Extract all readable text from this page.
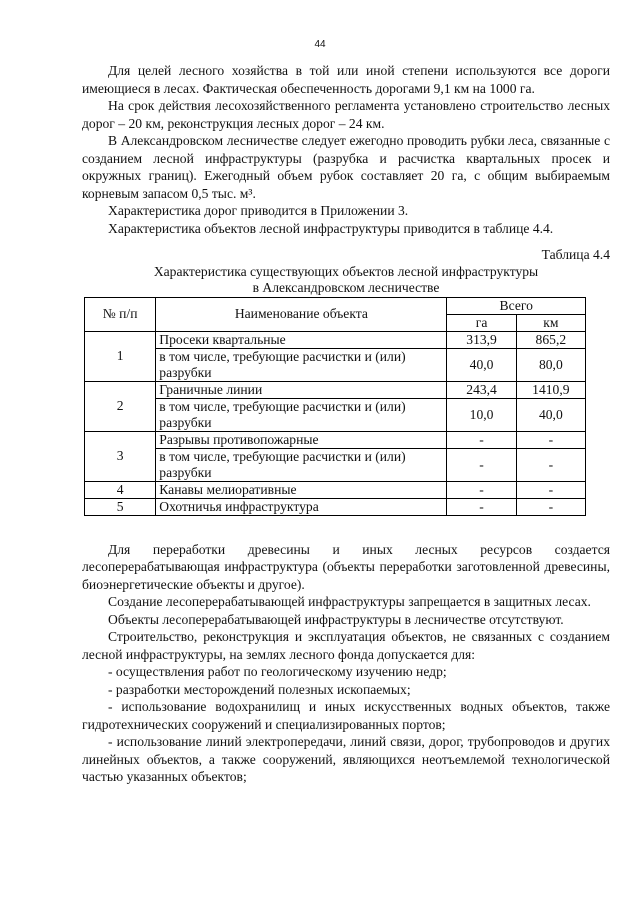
44

Для целей лесного хозяйства в той или иной степени используются все дороги имеющиеся в лесах. Фактическая обеспеченность дорогами 9,1 км на 1000 га.

На срок действия лесохозяйственного регламента установлено строительство лесных дорог – 20 км, реконструкция лесных дорог – 24 км.

В Александровском лесничестве следует ежегодно проводить рубки леса, связанные с созданием лесной инфраструктуры (разрубка и расчистка квартальных просек и окружных границ). Ежегодный объем рубок составляет 20 га, с общим выбираемым корневым запасом 0,5 тыс. м³.

Характеристика дорог приводится в Приложении 3.

Характеристика объектов лесной инфраструктуры приводится в таблице 4.4.

Таблица 4.4
Характеристика существующих объектов лесной инфраструктуры
в Александровском лесничестве
№ п/п	Наименование объекта	Всего	
		га	км
1	Просеки квартальные	313,9	865,2
	в том числе, требующие расчистки и (или) разрубки	40,0	80,0
2	Граничные линии	243,4	1410,9
	в том числе, требующие расчистки и (или) разрубки	10,0	40,0
3	Разрывы противопожарные	-	-
	в том числе, требующие расчистки и (или) разрубки	-	-
4	Канавы мелиоративные	-	-
5	Охотничья инфраструктура	-	-

Для переработки древесины и иных лесных ресурсов создается лесоперерабатывающая инфраструктура (объекты переработки заготовленной древесины, биоэнергетические объекты и другое).

Создание лесоперерабатывающей инфраструктуры запрещается в защитных лесах.

Объекты лесоперерабатывающей инфраструктуры в лесничестве отсутствуют.

Строительство, реконструкция и эксплуатация объектов, не связанных с созданием лесной инфраструктуры, на землях лесного фонда допускается для:

- осуществления работ по геологическому изучению недр;

- разработки месторождений полезных ископаемых;

- использование водохранилищ и иных искусственных водных объектов, также гидротехнических сооружений и специализированных портов;

- использование линий электропередачи, линий связи, дорог, трубопроводов и других линейных объектов, а также сооружений, являющихся неотъемлемой технологической частью указанных объектов;
